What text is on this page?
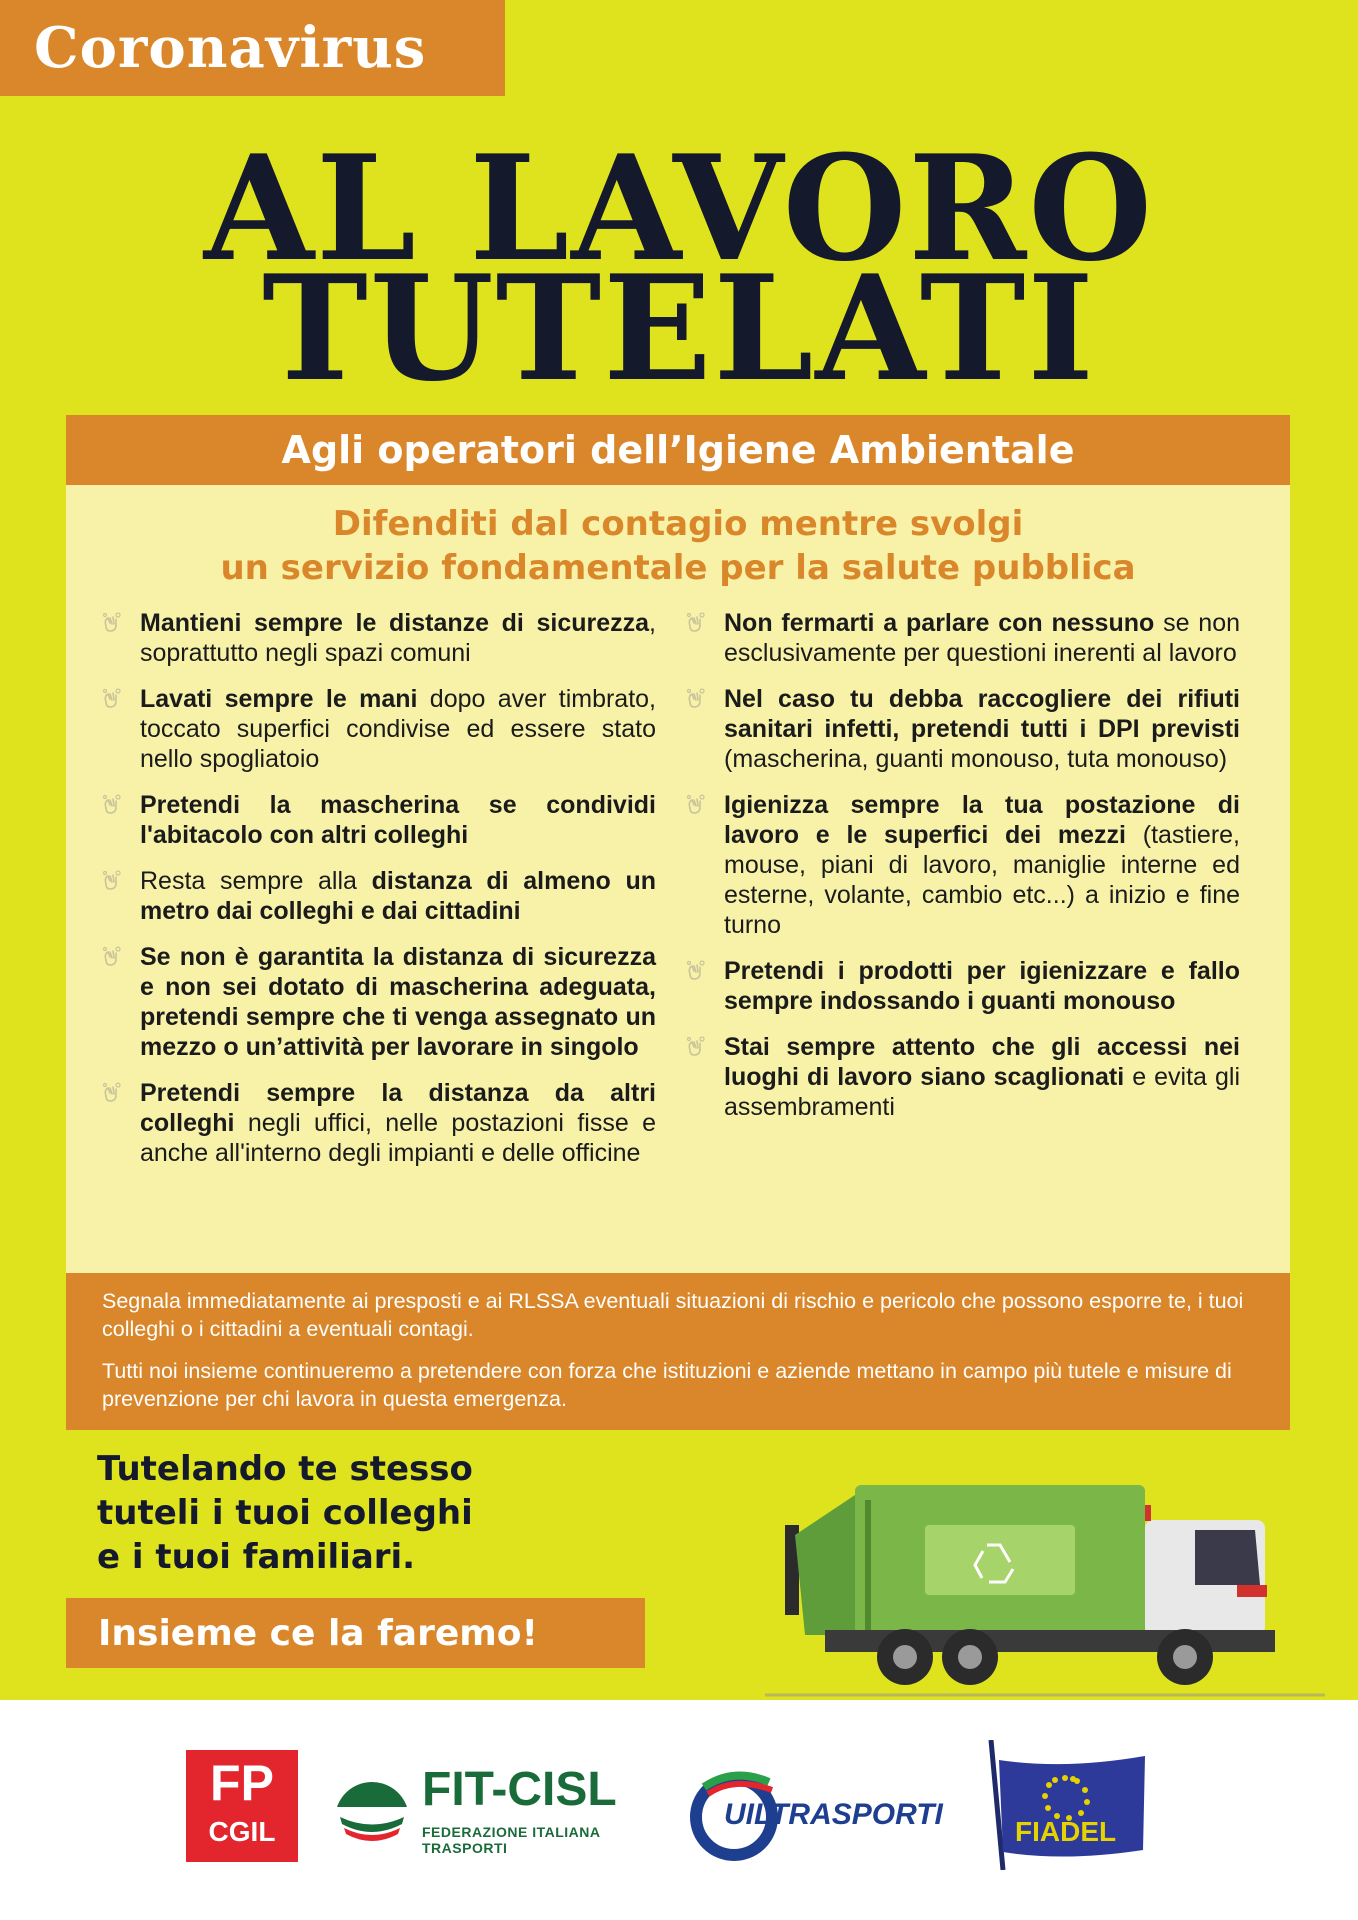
Coronavirus
AL LAVORO
TUTELATI
Agli operatori dell’Igiene Ambientale
Difenditi dal contagio mentre svolgi
un servizio fondamentale per la salute pubblica
Mantieni sempre le distanze di sicurezza, soprattutto negli spazi comuni
Lavati sempre le mani dopo aver timbrato, toccato superfici condivise ed essere stato nello spogliatoio
Pretendi la mascherina se condividi l'abitacolo con altri colleghi
Resta sempre alla distanza di almeno un metro dai colleghi e dai cittadini
Se non è garantita la distanza di sicurezza e non sei dotato di mascherina adeguata, pretendi sempre che ti venga assegnato un mezzo o un’attività per lavorare in singolo
Pretendi sempre la distanza da altri colleghi negli uffici, nelle postazioni fisse e anche all'interno degli impianti e delle officine
Non fermarti a parlare con nessuno se non esclusivamente per questioni inerenti al lavoro
Nel caso tu debba raccogliere dei rifiuti sanitari infetti, pretendi tutti i DPI previsti (mascherina, guanti monouso, tuta monouso)
Igienizza sempre la tua postazione di lavoro e le superfici dei mezzi (tastiere, mouse, piani di lavoro, maniglie interne ed esterne, volante, cambio etc...) a inizio e fine turno
Pretendi i prodotti per igienizzare e fallo sempre indossando i guanti monouso
Stai sempre attento che gli accessi nei luoghi di lavoro siano scaglionati e evita gli assembramenti

Segnala immediatamente ai presposti e ai RLSSA eventuali situazioni di rischio e pericolo che possono esporre te, i tuoi colleghi o i cittadini a eventuali contagi.

Tutti noi insieme continueremo a pretendere con forza che istituzioni e aziende mettano in campo più tutele e misure di prevenzione per chi lavora in questa emergenza.

Tutelando te stesso
tuteli i tuoi colleghi
e i tuoi familiari.
Insieme ce la faremo!
FP
CGIL
FIT-CISL
FEDERAZIONE ITALIANA TRASPORTI
UILTRASPORTI
FIADEL
